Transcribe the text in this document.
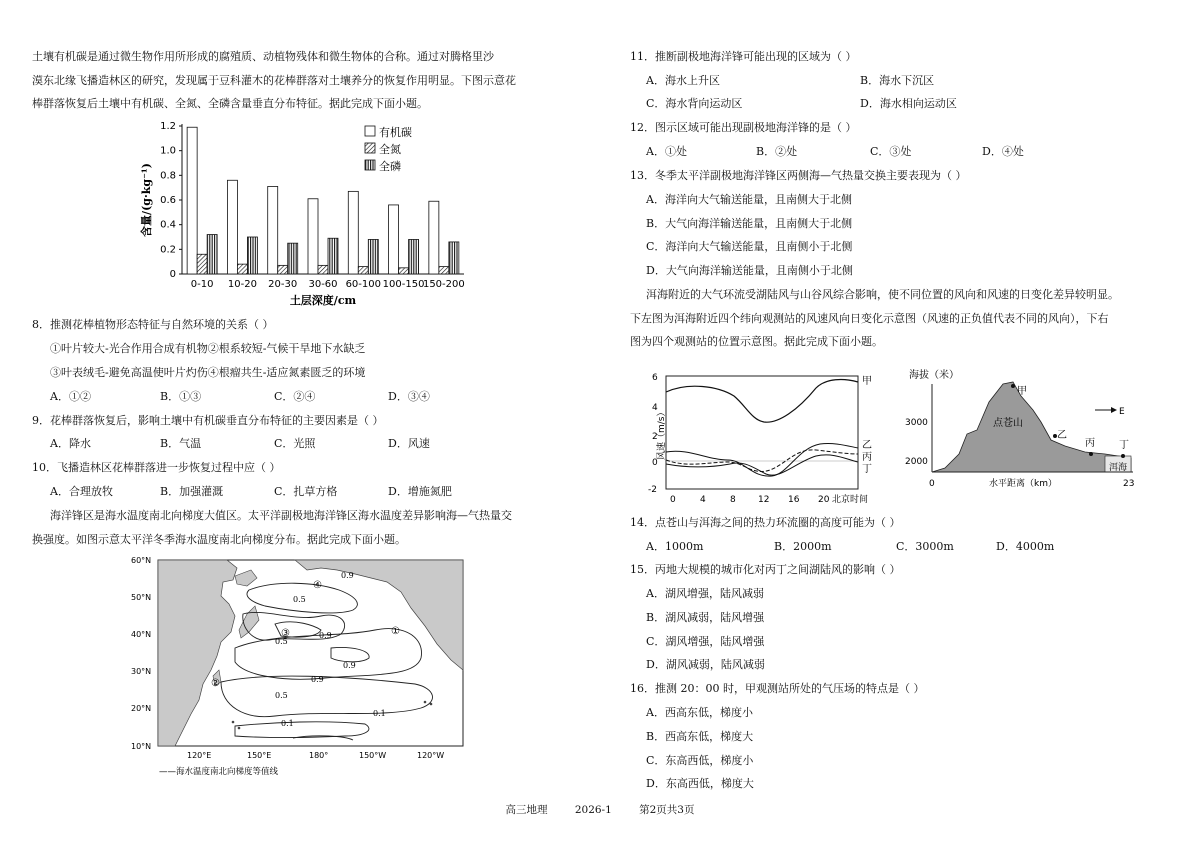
土壤有机碳是通过微生物作用所形成的腐殖质、动植物残体和微生物体的合称。通过对腾格里沙
漠东北缘飞播造林区的研究，发现属于豆科灌木的花棒群落对土壤养分的恢复作用明显。下图示意花
棒群落恢复后土壤中有机碳、全氮、全磷含量垂直分布特征。据此完成下面小题。
0
0.2
0.4
0.6
0.8
1.0
1.2
含量/(g·kg⁻¹)
土层深度/cm
0-10 10-20 20-30 30-60 60-100 100-150
150-200
有机碳
全氮
全磷
8．推测花棒植物形态特征与自然环境的关系（ ）
①叶片较大-光合作用合成有机物②根系较短-气候干旱地下水缺乏
③叶表绒毛-避免高温使叶片灼伤④根瘤共生-适应氮素匮乏的环境
A．①②	B．①③	C．②④	D．③④
9．花棒群落恢复后，影响土壤中有机碳垂直分布特征的主要因素是（ ）
A．降水	B．气温	C．光照	D．风速
10．飞播造林区花棒群落进一步恢复过程中应（ ）
A．合理放牧	B．加强灌溉	C．扎草方格	D．增施氮肥
海洋锋区是海水温度南北向梯度大值区。太平洋副极地海洋锋区海水温度差异影响海—气热量交
换强度。如图示意太平洋冬季海水温度南北向梯度分布。据此完成下面小题。
0.9
0.5
0.9
0.5
0.9
0.9
0.5
0.1
0.1
④
③
②
①
60°N
50°N
40°N
30°N
20°N
10°N
120°E	150°E	180°	150°W	120°W
——海水温度南北向梯度等值线
11．推断副极地海洋锋可能出现的区域为（ ）
A．海水上升区	B．海水下沉区
C．海水背向运动区	D．海水相向运动区
12．图示区域可能出现副极地海洋锋的是（ ）
A．①处	B．②处	C．③处	D．④处
13．冬季太平洋副极地海洋锋区两侧海—气热量交换主要表现为（ ）
A．海洋向大气输送能量，且南侧大于北侧
B．大气向海洋输送能量，且南侧大于北侧
C．海洋向大气输送能量，且南侧小于北侧
D．大气向海洋输送能量，且南侧小于北侧
洱海附近的大气环流受湖陆风与山谷风综合影响，使不同位置的风向和风速的日变化差异较明显。
下左图为洱海附近四个纬向观测站的风速风向日变化示意图（风速的正负值代表不同的风向），下右
图为四个观测站的位置示意图。据此完成下面小题。
6
4
2
0
-2
风速（m/s）
0	4	8 12 16 20 北京时间
甲
乙
丙
丁
海拔（米）
3000
2000
甲
乙
丙 丁
点苍山
洱海
E
0	水平距离（km）	23
14．点苍山与洱海之间的热力环流圈的高度可能为（ ）
A．1000m	B．2000m	C．3000m	D．4000m
15．丙地大规模的城市化对丙丁之间湖陆风的影响（ ）
A．湖风增强，陆风减弱
B．湖风减弱，陆风增强
C．湖风增强，陆风增强
D．湖风减弱，陆风减弱
16．推测 20：00 时，甲观测站所处的气压场的特点是（ ）
A．西高东低，梯度小
B．西高东低，梯度大
C．东高西低，梯度小
D．东高西低，梯度大
高三地理	2026-1	第2页共3页
